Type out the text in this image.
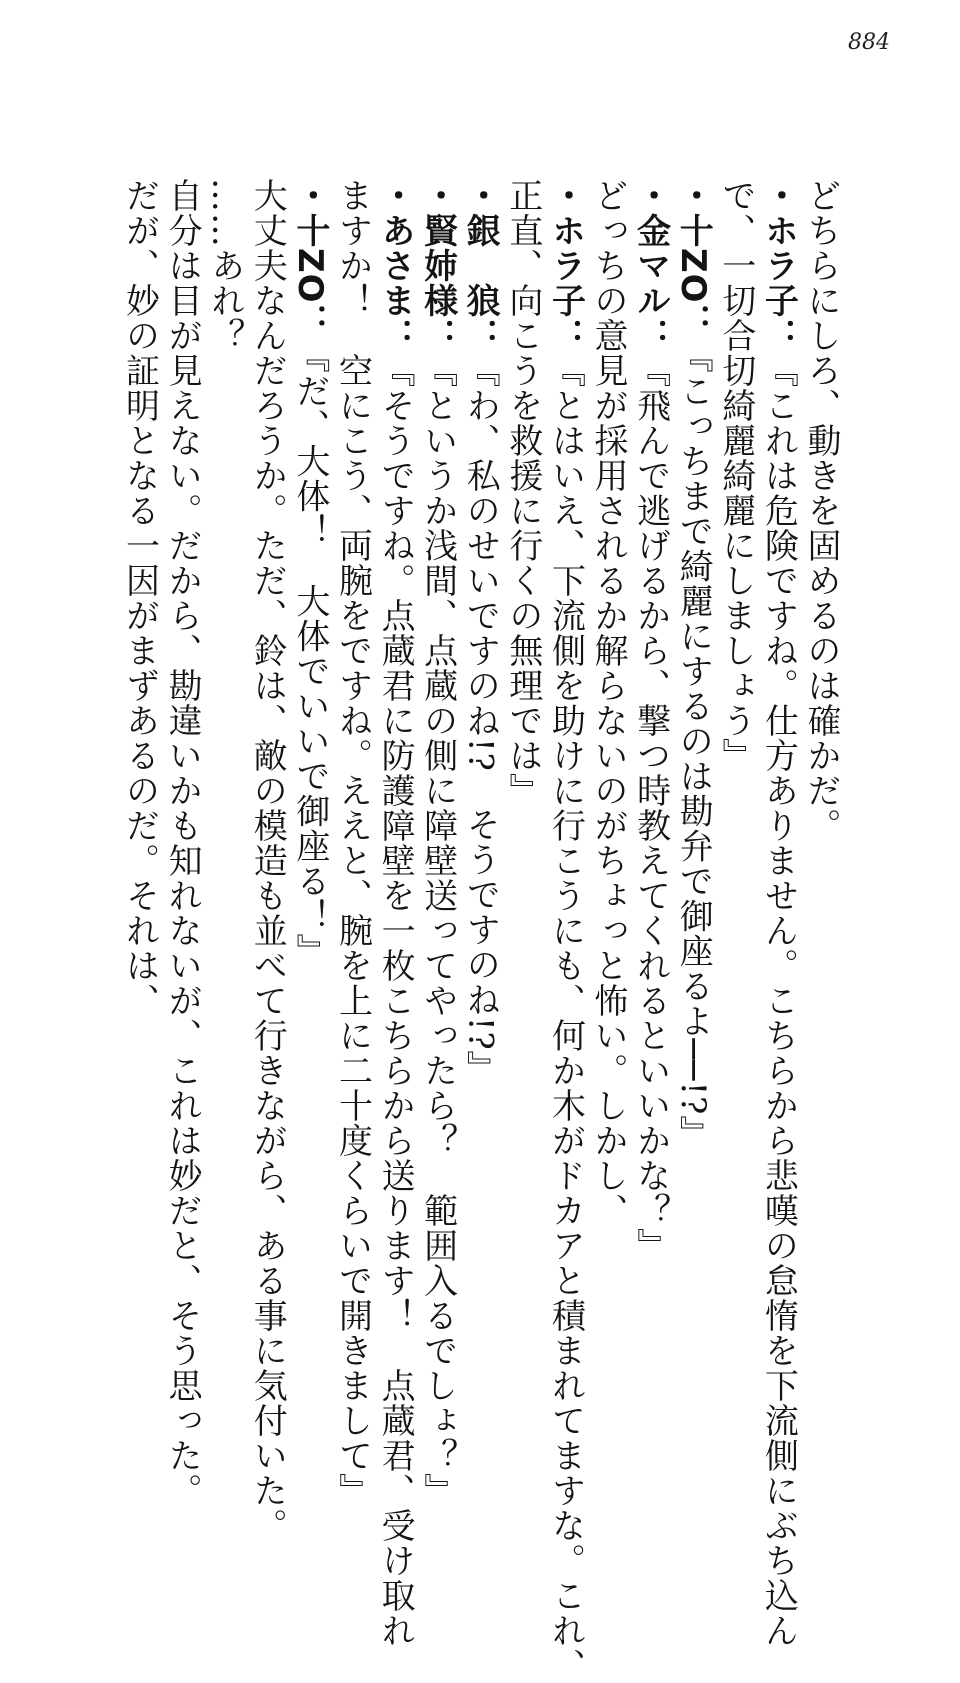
884
どちらにしろ、動きを固めるのは確かだ。
・ホラ子：『これは危険ですね。仕方ありません。こちらから悲嘆の怠惰を下流側にぶち込ん
で、一切合切綺麗綺麗にしましょう』
・十ZO：『こっちまで綺麗にするのは勘弁で御座るよ──!?』
・金マル：『飛んで逃げるから、撃つ時教えてくれるといいかな？』
どっちの意見が採用されるか解らないのがちょっと怖い。しかし、
・ホラ子：『とはいえ、下流側を助けに行こうにも、何か木がドカアと積まれてますな。これ、
正直、向こうを救援に行くの無理では』
・銀　狼：『わ、私のせいですのね!?　そうですのね!?』
・賢姉様：『というか浅間、点蔵の側に障壁送ってやったら？　範囲入るでしょ？』
・あさま：『そうですね。点蔵君に防護障壁を一枚こちらから送ります！　点蔵君、受け取れ
ますか！　空にこう、両腕をですね。ええと、腕を上に二十度くらいで開きまして』
・十ZO：『だ、大体！　大体でいいで御座る！』
大丈夫なんだろうか。ただ、鈴は、敵の模造も並べて行きながら、ある事に気付いた。
……あれ？
自分は目が見えない。だから、勘違いかも知れないが、これは妙だと、そう思った。
だが、妙の証明となる一因がまずあるのだ。それは、
